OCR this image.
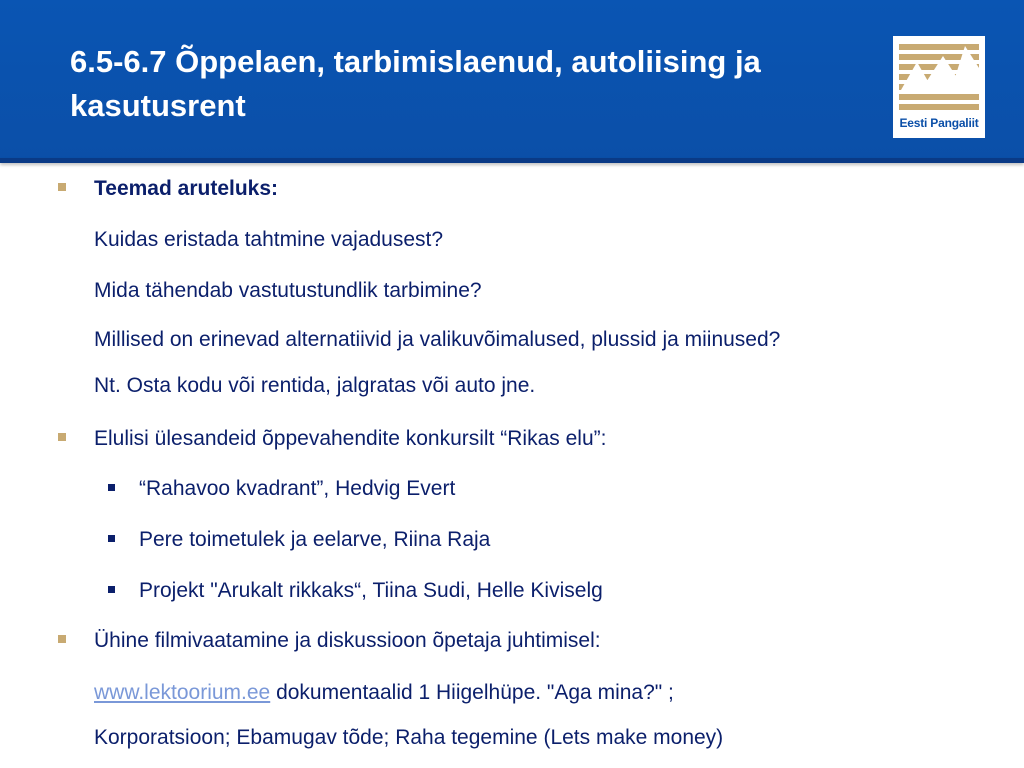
6.5-6.7 Õppelaen, tarbimislaenud, autoliising ja kasutusrent	Eesti Pangaliit
Teemad aruteluks:
Kuidas eristada tahtmine vajadusest?
Mida tähendab vastutustundlik tarbimine?
Millised on erinevad alternatiivid ja valikuvõimalused, plussid ja miinused?
Nt. Osta kodu või rentida, jalgratas või auto jne.
Elulisi ülesandeid õppevahendite konkursilt “Rikas elu”:
“Rahavoo kvadrant”, Hedvig Evert
Pere toimetulek ja eelarve, Riina Raja
Projekt "Arukalt rikkaks“, Tiina Sudi, Helle Kiviselg
Ühine filmivaatamine ja diskussioon õpetaja juhtimisel:
www.lektoorium.ee dokumentaalid 1 Hiigelhüpe. "Aga mina?" ;
Korporatsioon; Ebamugav tõde; Raha tegemine (Lets make money)
